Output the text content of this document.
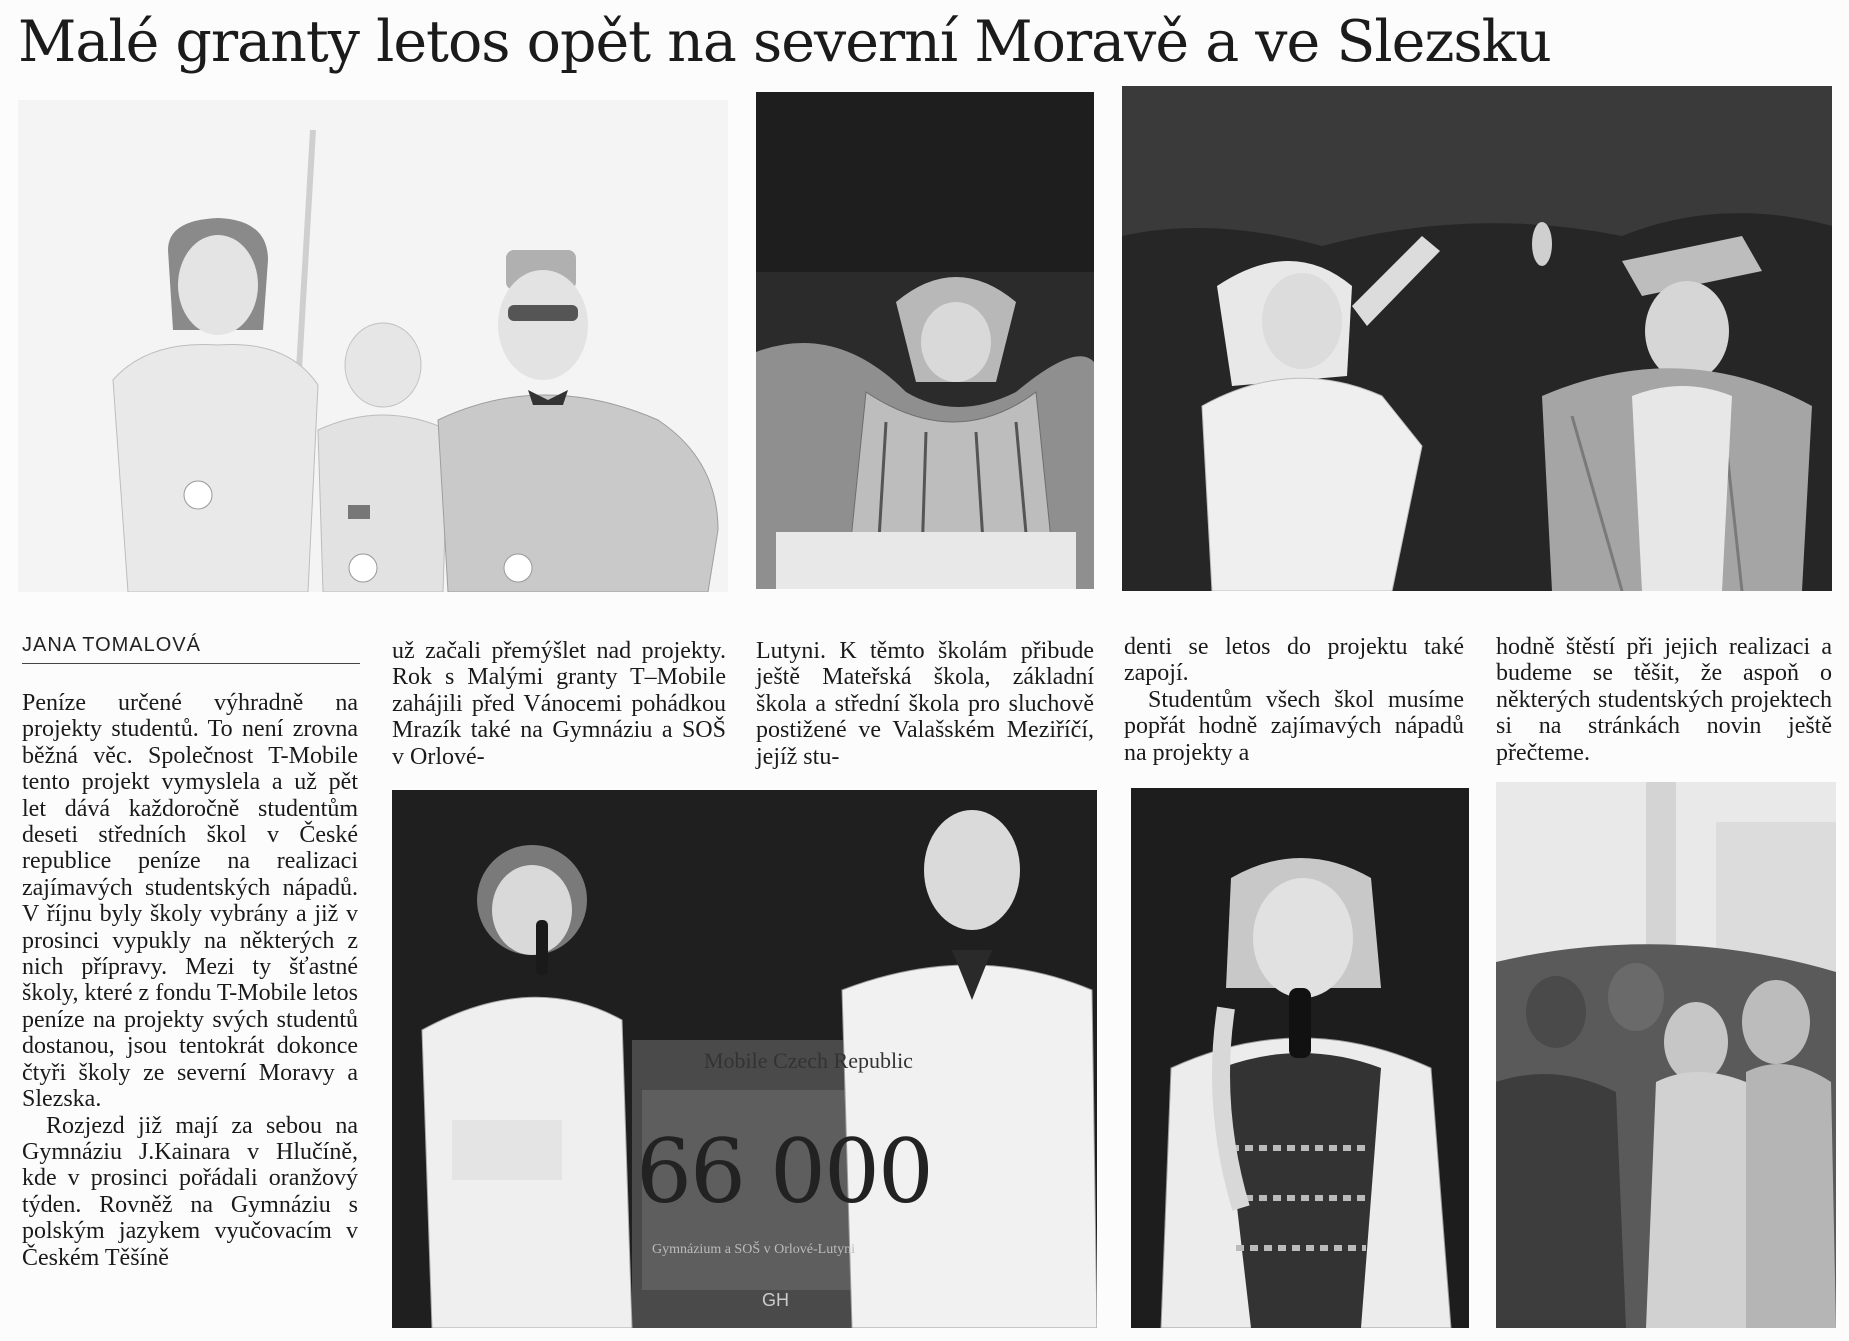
Malé granty letos opět na severní Moravě a ve Slezsku
JANA TOMALOVÁ

Peníze určené výhradně na projekty studentů. To není zrovna běžná věc. Společnost T-Mobile tento projekt vymyslela a už pět let dává každoročně studentům deseti středních škol v České republice peníze na realizaci zajímavých studentských nápadů. V říjnu byly školy vybrány a již v prosinci vypukly na některých z nich přípravy. Mezi ty šťastné školy, které z fondu T-Mobile letos peníze na projekty svých studentů dostanou, jsou tentokrát dokonce čtyři školy ze severní Moravy a Slezska.

Rozjezd již mají za sebou na Gymnáziu J.Kainara v Hlučíně, kde v prosinci pořádali oranžový týden. Rovněž na Gymnáziu s polským jazykem vyučovacím v Českém Těšíně

už začali přemýšlet nad projekty. Rok s Malými granty T–Mobile zahájili před Vánocemi pohádkou Mrazík také na Gymnáziu a SOŠ v Orlové-

Lutyni. K těmto školám přibude ještě Mateřská škola, základní škola a střední škola pro sluchově postižené ve Valašském Meziříčí, jejíž stu-

denti se letos do projektu také zapojí.

Studentům všech škol musíme popřát hodně zajímavých nápadů na projekty a

hodně štěstí při jejich realizaci a budeme se těšit, že aspoň o některých studentských projektech si na stránkách novin ještě přečteme.

Mobile Czech Republic
66 000
Gymnázium a SOŠ v Orlové-Lutyni
GH
